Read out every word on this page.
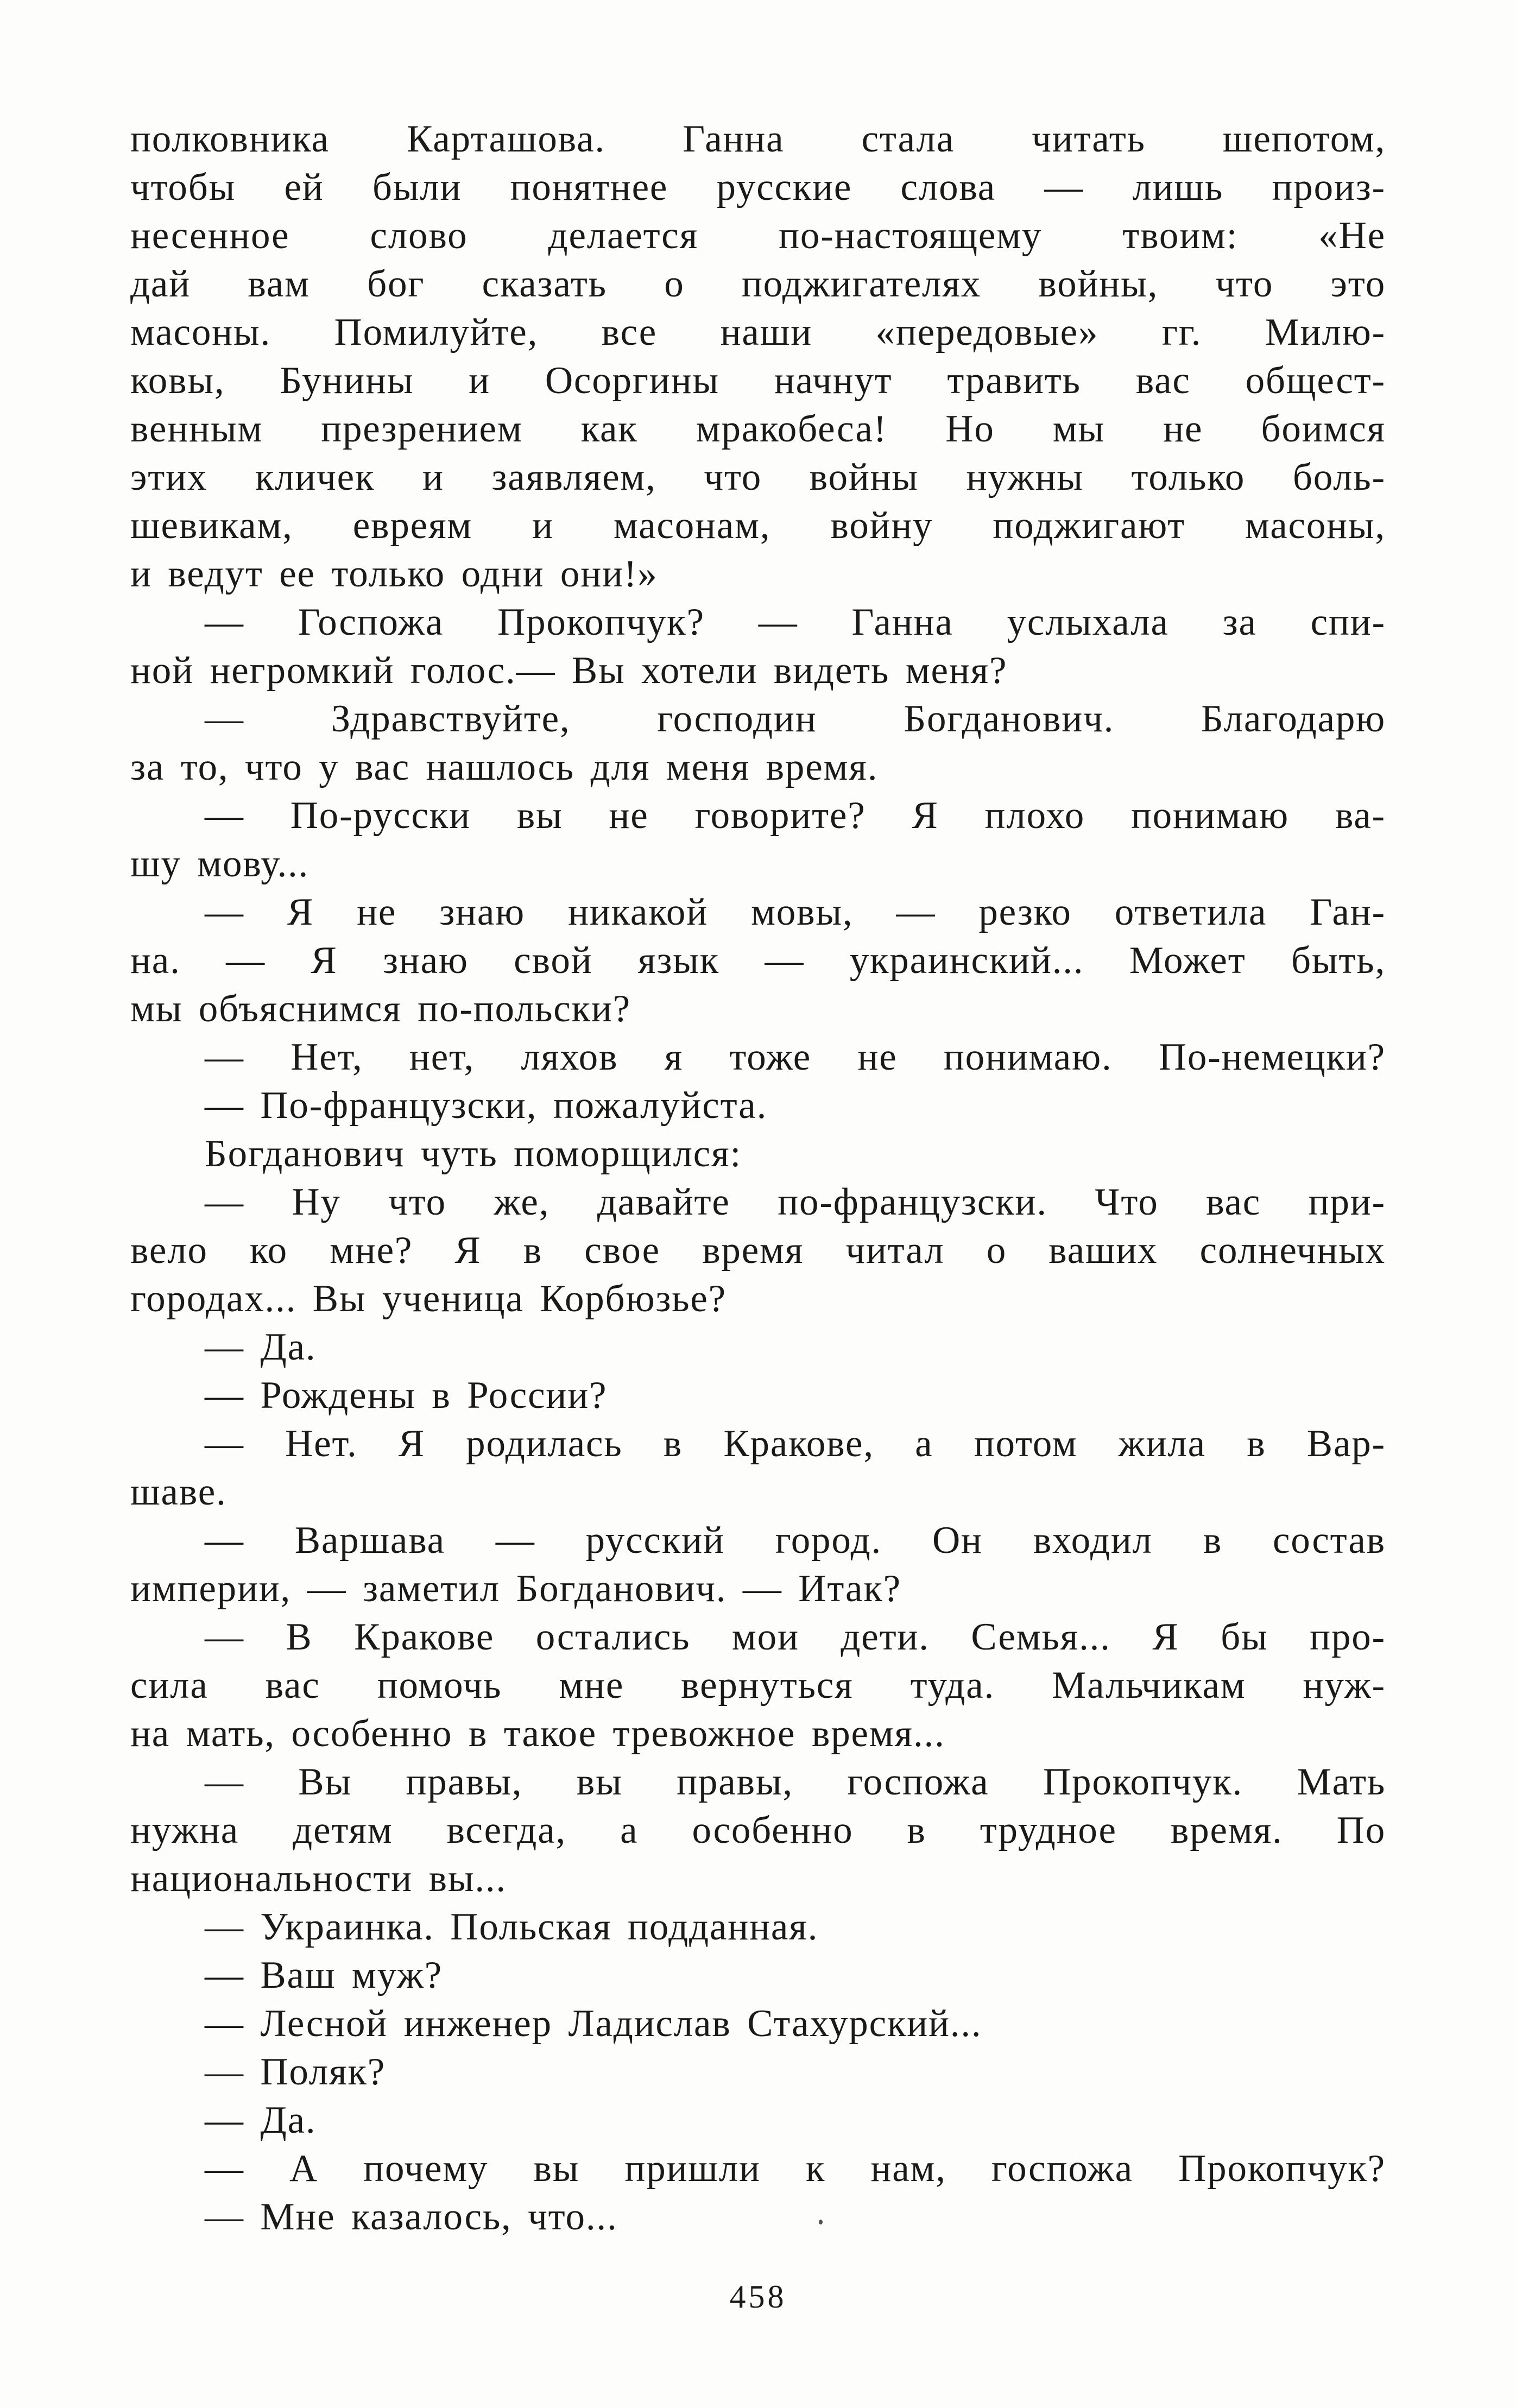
полковника Карташова. Ганна стала читать шепотом,
чтобы ей были понятнее русские слова — лишь произ-
несенное слово делается по-настоящему твоим: «Не
дай вам бог сказать о поджигателях войны, что это
масоны. Помилуйте, все наши «передовые» гг. Милю-
ковы, Бунины и Осоргины начнут травить вас общест-
венным презрением как мракобеса! Но мы не боимся
этих кличек и заявляем, что войны нужны только боль-
шевикам, евреям и масонам, войну поджигают масоны,
и ведут ее только одни они!»
— Госпожа Прокопчук? — Ганна услыхала за спи-
ной негромкий голос.— Вы хотели видеть меня?
— Здравствуйте, господин Богданович. Благодарю
за то, что у вас нашлось для меня время.
— По-русски вы не говорите? Я плохо понимаю ва-
шу мову...
— Я не знаю никакой мовы, — резко ответила Ган-
на. — Я знаю свой язык — украинский... Может быть,
мы объяснимся по-польски?
— Нет, нет, ляхов я тоже не понимаю. По-немецки?
— По-французски, пожалуйста.
Богданович чуть поморщился:
— Ну что же, давайте по-французски. Что вас при-
вело ко мне? Я в свое время читал о ваших солнечных
городах... Вы ученица Корбюзье?
— Да.
— Рождены в России?
— Нет. Я родилась в Кракове, а потом жила в Вар-
шаве.
— Варшава — русский город. Он входил в состав
империи, — заметил Богданович. — Итак?
— В Кракове остались мои дети. Семья... Я бы про-
сила вас помочь мне вернуться туда. Мальчикам нуж-
на мать, особенно в такое тревожное время...
— Вы правы, вы правы, госпожа Прокопчук. Мать
нужна детям всегда, а особенно в трудное время. По
национальности вы...
— Украинка. Польская подданная.
— Ваш муж?
— Лесной инженер Ладислав Стахурский...
— Поляк?
— Да.
— А почему вы пришли к нам, госпожа Прокопчук?
— Мне казалось, что...
458
